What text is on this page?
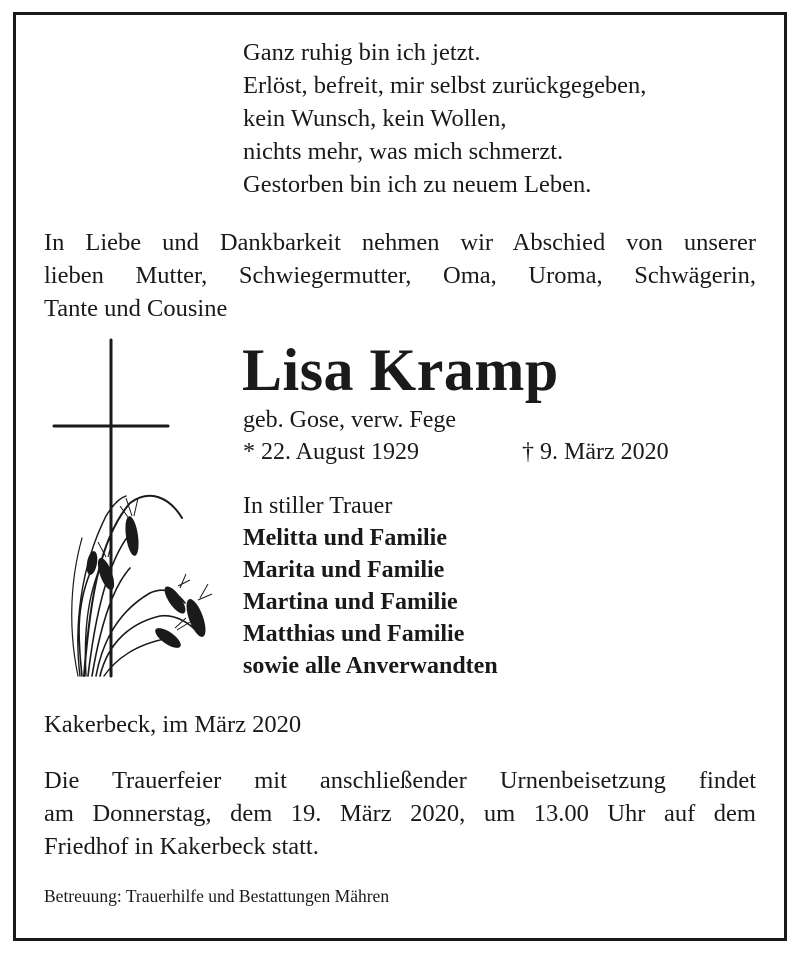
Ganz ruhig bin ich jetzt.
Erlöst, befreit, mir selbst zurückgegeben,
kein Wunsch, kein Wollen,
nichts mehr, was mich schmerzt.
Gestorben bin ich zu neuem Leben.
In Liebe und Dankbarkeit nehmen wir Abschied von unserer
lieben Mutter, Schwiegermutter, Oma, Uroma, Schwägerin,
Tante und Cousine
Lisa Kramp
geb. Gose, verw. Fege
* 22. August 1929	† 9. März 2020
In stiller Trauer
Melitta und Familie
Marita und Familie
Martina und Familie
Matthias und Familie
sowie alle Anverwandten
Kakerbeck, im März 2020
Die Trauerfeier mit anschließender Urnenbeisetzung findet
am Donnerstag, dem 19. März 2020, um 13.00 Uhr auf dem
Friedhof in Kakerbeck statt.
Betreuung: Trauerhilfe und Bestattungen Mähren
